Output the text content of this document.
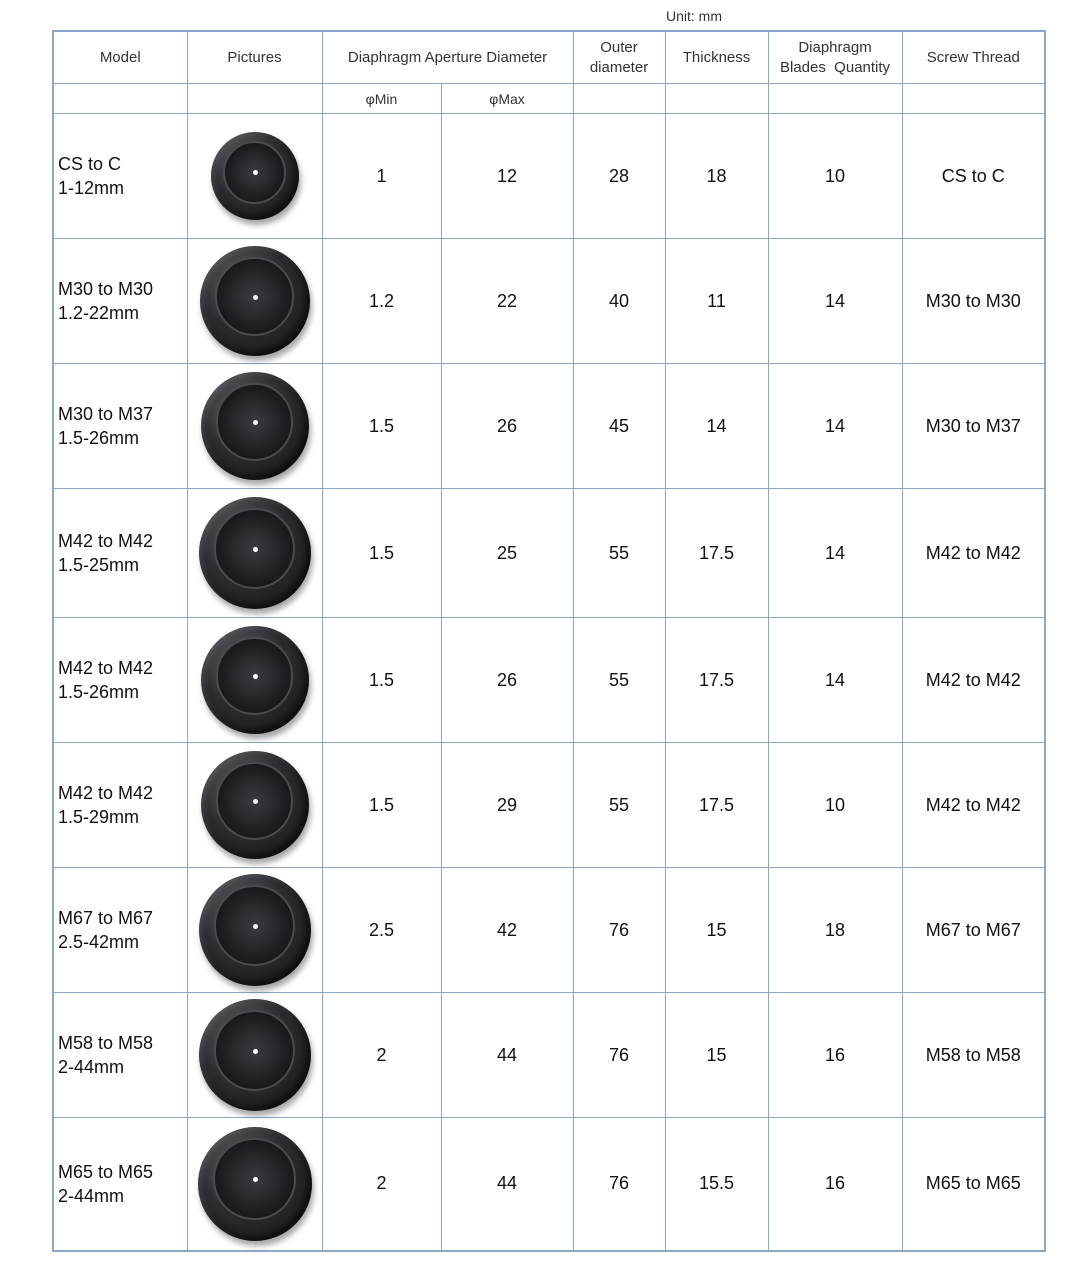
Unit: mm
Model	Pictures	Diaphragm Aperture Diameter		Outer
diameter	Thickness	Diaphragm
Blades  Quantity	Screw Thread
		φMin	φMax				
CS to C
1-12mm		1	12	28	18	10	CS to C
M30 to M30
1.2-22mm		1.2	22	40	11	14	M30 to M30
M30 to M37
1.5-26mm		1.5	26	45	14	14	M30 to M37
M42 to M42
1.5-25mm		1.5	25	55	17.5	14	M42 to M42
M42 to M42
1.5-26mm		1.5	26	55	17.5	14	M42 to M42
M42 to M42
1.5-29mm		1.5	29	55	17.5	10	M42 to M42
M67 to M67
2.5-42mm		2.5	42	76	15	18	M67 to M67
M58 to M58
2-44mm		2	44	76	15	16	M58 to M58
M65 to M65
2-44mm		2	44	76	15.5	16	M65 to M65
